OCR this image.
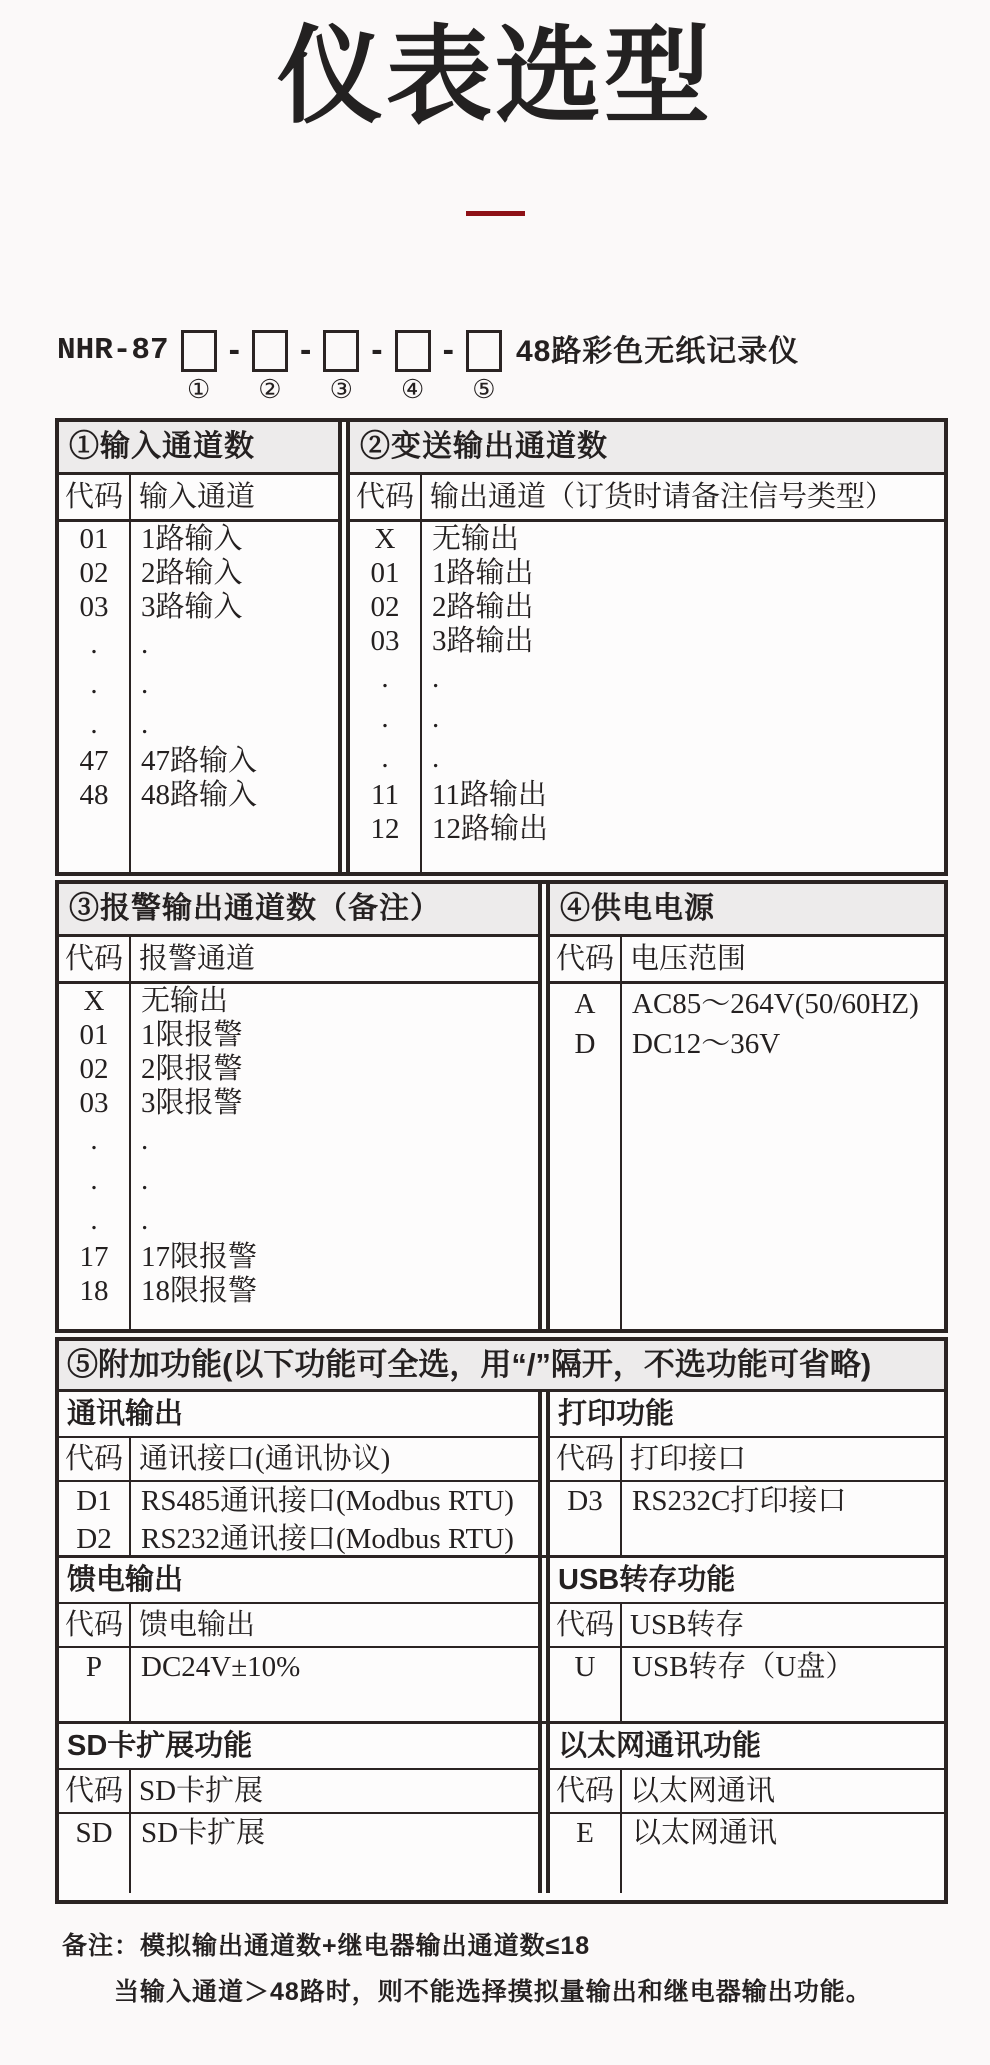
仪表选型
NHR-87
①
-
②
-
③
-
④
-
⑤
48路彩色无纸记录仪
①输入通道数
代码 输入通道
01	1路输入
02	2路输入
03	3路输入
.	.
.	.
.	.
47	47路输入
48	48路输入
②变送输出通道数
代码 输出通道（订货时请备注信号类型）
X	无输出
01	1路输出
02	2路输出
03	3路输出
.	.
.	.
.	.
11	11路输出
12	12路输出
③报警输出通道数（备注）
代码 报警通道
X	无输出
01	1限报警
02	2限报警
03	3限报警
.	.
.	.
.	.
17	17限报警
18	18限报警
④供电电源
代码 电压范围
A	AC85～264V(50/60HZ)
D	DC12～36V
⑤附加功能(以下功能可全选，用“/”隔开，不选功能可省略)
通讯输出
代码 通讯接口(通讯协议)
D1	RS485通讯接口(Modbus RTU)
D2	RS232通讯接口(Modbus RTU)
打印功能
代码 打印接口
D3	RS232C打印接口
馈电输出
代码 馈电输出
P	DC24V±10%
USB转存功能
代码 USB转存
U	USB转存（U盘）
SD卡扩展功能
代码 SD卡扩展
SD SD卡扩展
以太网通讯功能
代码 以太网通讯
E	以太网通讯
备注：模拟输出通道数+继电器输出通道数≤18
当输入通道＞48路时，则不能选择摸拟量输出和继电器输出功能。
